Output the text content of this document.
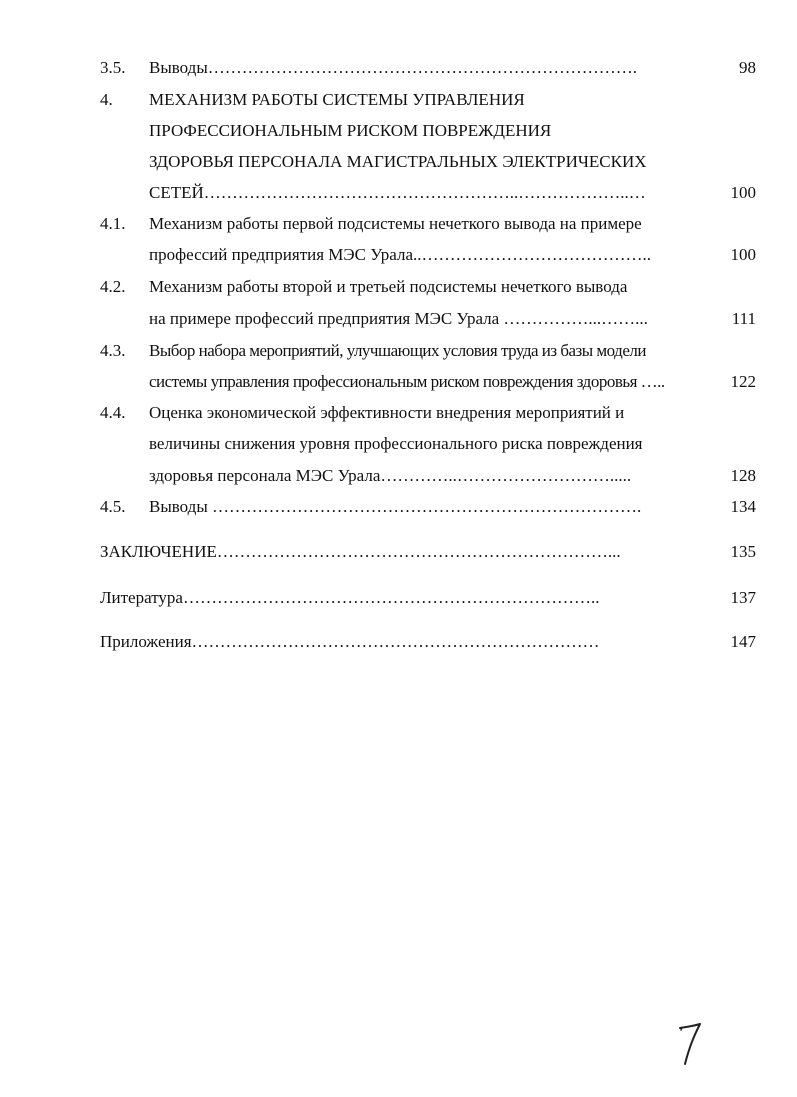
3.5. Выводы………………………………………………………………….	98
4. МЕХАНИЗМ РАБОТЫ СИСТЕМЫ УПРАВЛЕНИЯ
ПРОФЕССИОНАЛЬНЫМ РИСКОМ ПОВРЕЖДЕНИЯ
ЗДОРОВЬЯ ПЕРСОНАЛА МАГИСТРАЛЬНЫХ ЭЛЕКТРИЧЕСКИХ
СЕТЕЙ………………………………………………..………………..…	100
4.1. Механизм работы первой подсистемы нечеткого вывода на примере
профессий предприятия МЭС Урала..…………………………………..	100
4.2. Механизм работы второй и третьей подсистемы нечеткого вывода
на примере профессий предприятия МЭС Урала ……………...……...	111
4.3. Выбор набора мероприятий, улучшающих условия труда из базы модели
системы управления профессиональным риском повреждения здоровья …..	122
4.4. Оценка экономической эффективности внедрения мероприятий и
величины снижения уровня профессионального риска повреждения
здоровья персонала МЭС Урала…………..……………………….....	128
4.5. Выводы ………………………………………………………………….	134
ЗАКЛЮЧЕНИЕ……………………………………………………………...	135
Литература………………………………………………………………..	137
Приложения………………………………………………………………	147
